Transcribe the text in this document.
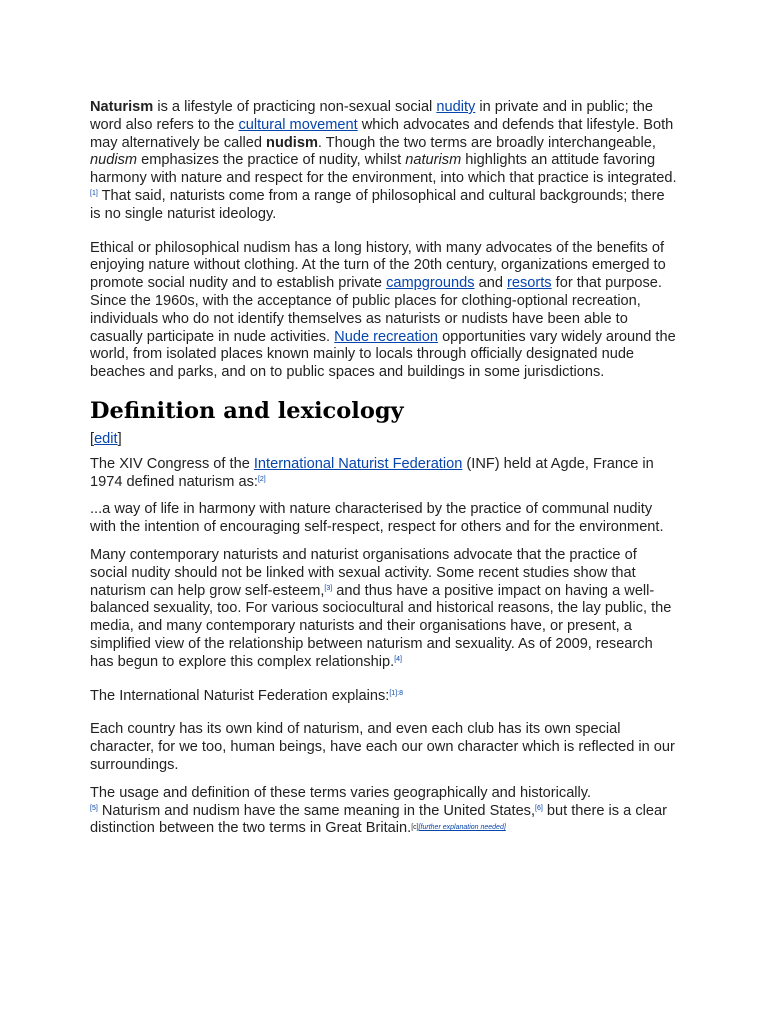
Naturism is a lifestyle of practicing non-sexual social nudity in private and in public; the word also refers to the cultural movement which advocates and defends that lifestyle. Both may alternatively be called nudism. Though the two terms are broadly interchangeable, nudism emphasizes the practice of nudity, whilst naturism highlights an attitude favoring harmony with nature and respect for the environment, into which that practice is integrated.[1] That said, naturists come from a range of philosophical and cultural backgrounds; there is no single naturist ideology.

Ethical or philosophical nudism has a long history, with many advocates of the benefits of enjoying nature without clothing. At the turn of the 20th century, organizations emerged to promote social nudity and to establish private campgrounds and resorts for that purpose. Since the 1960s, with the acceptance of public places for clothing-optional recreation, individuals who do not identify themselves as naturists or nudists have been able to casually participate in nude activities. Nude recreation opportunities vary widely around the world, from isolated places known mainly to locals through officially designated nude beaches and parks, and on to public spaces and buildings in some jurisdictions.

Definition and lexicology
[edit]

The XIV Congress of the International Naturist Federation (INF) held at Agde, France in 1974 defined naturism as:[2]

...a way of life in harmony with nature characterised by the practice of communal nudity with the intention of encouraging self-respect, respect for others and for the environment.

Many contemporary naturists and naturist organisations advocate that the practice of social nudity should not be linked with sexual activity. Some recent studies show that naturism can help grow self-esteem,[3] and thus have a positive impact on having a well-balanced sexuality, too. For various sociocultural and historical reasons, the lay public, the media, and many contemporary naturists and their organisations have, or present, a simplified view of the relationship between naturism and sexuality. As of 2009, research has begun to explore this complex relationship.[4]

The International Naturist Federation explains:$^{[1]:8}$

Each country has its own kind of naturism, and even each club has its own special character, for we too, human beings, have each our own character which is reflected in our surroundings.

The usage and definition of these terms varies geographically and historically.
[5] Naturism and nudism have the same meaning in the United States,[6] but there is a clear distinction between the two terms in Great Britain.[c][further explanation needed]
